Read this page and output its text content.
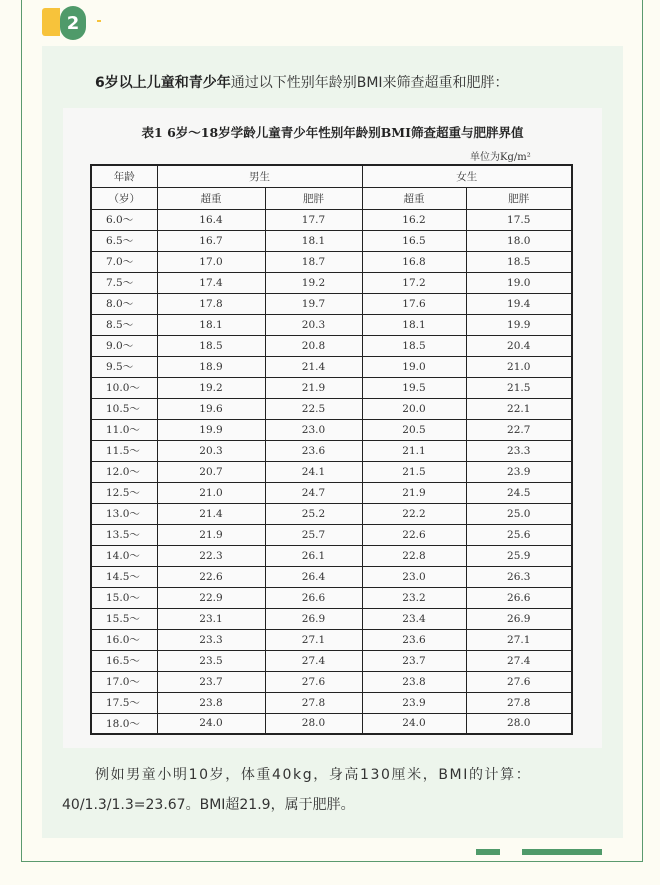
2

6岁以上儿童和青少年通过以下性别年龄别BMI来筛查超重和肥胖：

表1 6岁～18岁学龄儿童青少年性别年龄别BMI筛查超重与肥胖界值
单位为Kg/m²
年龄	男生		女生	
（岁）	超重	肥胖	超重	肥胖
6.0～	16.4	17.7	16.2	17.5
6.5～	16.7	18.1	16.5	18.0
7.0～	17.0	18.7	16.8	18.5
7.5～	17.4	19.2	17.2	19.0
8.0～	17.8	19.7	17.6	19.4
8.5～	18.1	20.3	18.1	19.9
9.0～	18.5	20.8	18.5	20.4
9.5～	18.9	21.4	19.0	21.0
10.0～	19.2	21.9	19.5	21.5
10.5～	19.6	22.5	20.0	22.1
11.0～	19.9	23.0	20.5	22.7
11.5～	20.3	23.6	21.1	23.3
12.0～	20.7	24.1	21.5	23.9
12.5～	21.0	24.7	21.9	24.5
13.0～	21.4	25.2	22.2	25.0
13.5～	21.9	25.7	22.6	25.6
14.0～	22.3	26.1	22.8	25.9
14.5～	22.6	26.4	23.0	26.3
15.0～	22.9	26.6	23.2	26.6
15.5～	23.1	26.9	23.4	26.9
16.0～	23.3	27.1	23.6	27.1
16.5～	23.5	27.4	23.7	27.4
17.0～	23.7	27.6	23.8	27.6
17.5～	23.8	27.8	23.9	27.8
18.0～	24.0	28.0	24.0	28.0

例如男童小明10岁，体重40kg，身高130厘米，BMI的计算：

40/1.3/1.3=23.67。BMI超21.9，属于肥胖。
